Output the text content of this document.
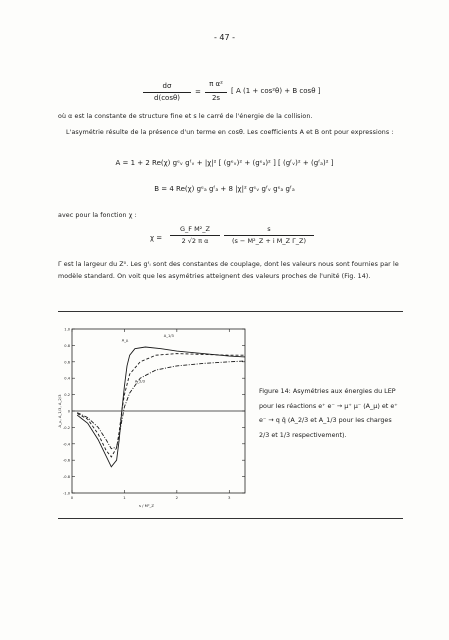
- 47 -
dσ
d(cosθ)
=
π α²
2s
[ A (1 + cos²θ) + B cosθ ]
où α est la constante de structure fine et s le carré de l'énergie de la collision.
L'asymétrie résulte de la présence d'un terme en cosθ. Les coefficients A et B ont pour expressions :
A = 1 + 2 Re(χ) gᵉᵥ gᶠᵥ + |χ|² [ (gᵉᵥ)² + (gᵉₐ)² ] [ (gᶠᵥ)² + (gᶠₐ)² ]
B = 4 Re(χ) gᵉₐ gᶠₐ + 8 |χ|² gᵉᵥ gᶠᵥ gᵉₐ gᶠₐ
avec pour la fonction χ :
χ =
G_F M²_Z
2 √2 π α
s
(s − M²_Z + i M_Z Γ_Z)
Γ est la largeur du Z⁰. Les gᶠᵢ sont des constantes de couplage, dont les valeurs nous sont fournies par le modèle standard. On voit que les asymétries atteignent des valeurs proches de l'unité (Fig. 14).
-1.0
-0.8
-0.6
-0.4
-0.2
0
0.2
0.4
0.6
0.8
1.0
0	1	2	3
s / M²_Z
A_μ, A_1/3, A_2/3
A_μ
A_1/3
A_2/3
Figure 14: Asymétries aux énergies du LEP pour les réactions e⁺ e⁻ → μ⁺ μ⁻ (A_μ) et e⁺ e⁻ → q q̄ (A_2/3 et A_1/3 pour les charges 2/3 et 1/3 respectivement).
